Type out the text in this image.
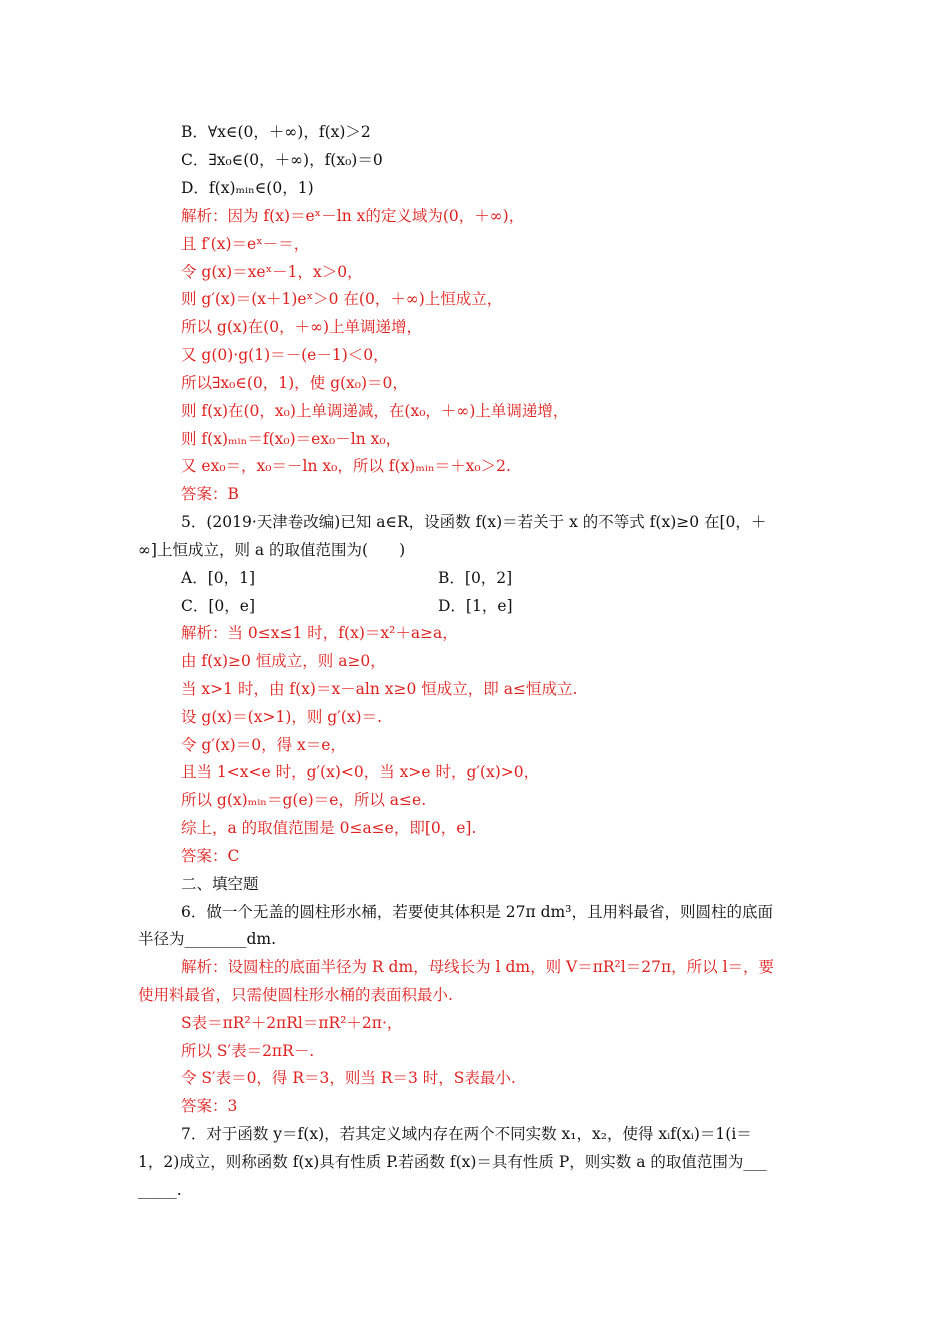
B．∀x∈(0，＋∞)，f(x)＞2
C．∃x₀∈(0，＋∞)，f(x₀)＝0
D．f(x)ₘᵢₙ∈(0，1)
解析：因为 f(x)＝eˣ－ln x的定义域为(0，＋∞)，
且 f′(x)＝eˣ－＝，
令 g(x)＝xeˣ－1，x＞0，
则 g′(x)＝(x＋1)eˣ＞0 在(0，＋∞)上恒成立，
所以 g(x)在(0，＋∞)上单调递增，
又 g(0)·g(1)＝－(e－1)＜0，
所以∃x₀∈(0，1)，使 g(x₀)＝0，
则 f(x)在(0，x₀)上单调递减，在(x₀，＋∞)上单调递增，
则 f(x)ₘᵢₙ＝f(x₀)＝ex₀－ln x₀，
又 ex₀＝，x₀＝－ln x₀，所以 f(x)ₘᵢₙ＝＋x₀＞2.
答案：B
5．(2019·天津卷改编)已知 a∈R，设函数 f(x)＝若关于 x 的不等式 f(x)≥0 在[0，＋
∞]上恒成立，则 a 的取值范围为(　　)
A．[0，1]	B．[0，2]
C．[0，e]	D．[1，e]
解析：当 0≤x≤1 时，f(x)＝x²＋a≥a，
由 f(x)≥0 恒成立，则 a≥0，
当 x>1 时，由 f(x)＝x－aln x≥0 恒成立，即 a≤恒成立.
设 g(x)＝(x>1)，则 g′(x)＝.
令 g′(x)＝0，得 x＝e，
且当 1<x<e 时，g′(x)<0，当 x>e 时，g′(x)>0，
所以 g(x)ₘᵢₙ＝g(e)＝e，所以 a≤e.
综上，a 的取值范围是 0≤a≤e，即[0，e].
答案：C
二、填空题
6．做一个无盖的圆柱形水桶，若要使其体积是 27π dm³，且用料最省，则圆柱的底面
半径为________dm.
解析：设圆柱的底面半径为 R dm，母线长为 l dm，则 V＝πR²l＝27π，所以 l＝，要
使用料最省，只需使圆柱形水桶的表面积最小.
S表＝πR²＋2πRl＝πR²＋2π·，
所以 S′表＝2πR－.
令 S′表＝0，得 R＝3，则当 R＝3 时，S表最小.
答案：3
7．对于函数 y＝f(x)，若其定义域内存在两个不同实数 x₁，x₂，使得 xᵢf(xᵢ)＝1(i＝
1，2)成立，则称函数 f(x)具有性质 P.若函数 f(x)＝具有性质 P，则实数 a 的取值范围为___
_____.
